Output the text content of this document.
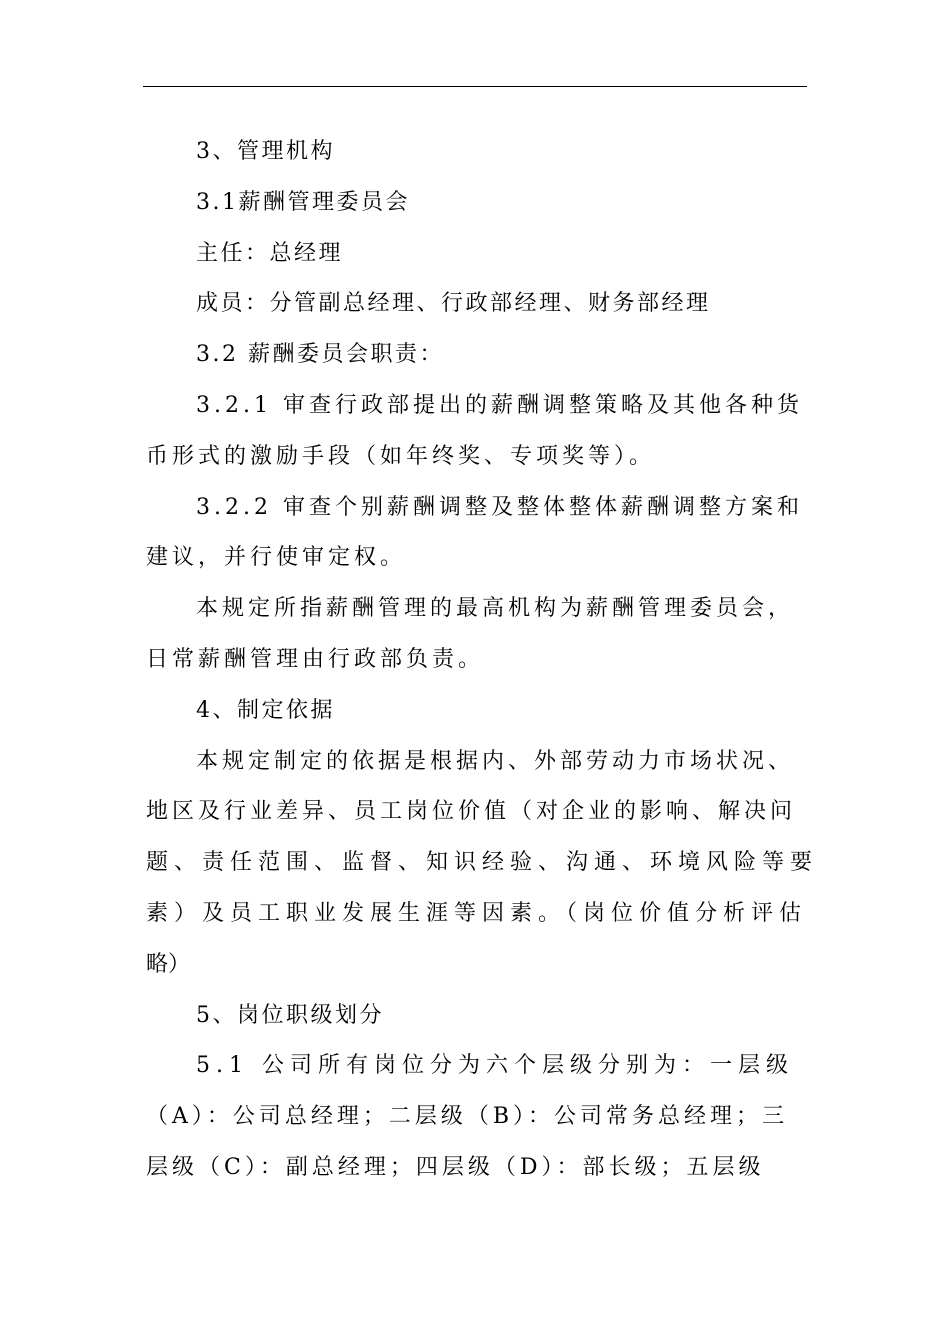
3、管理机构
3.1薪酬管理委员会
主任：总经理
成员：分管副总经理、行政部经理、财务部经理
3.2 薪酬委员会职责：
3.2.1 审查行政部提出的薪酬调整策略及其他各种货
币形式的激励手段（如年终奖、专项奖等）。
3.2.2 审查个别薪酬调整及整体整体薪酬调整方案和
建议，并行使审定权。
本规定所指薪酬管理的最高机构为薪酬管理委员会，
日常薪酬管理由行政部负责。
4、制定依据
本规定制定的依据是根据内、外部劳动力市场状况、
地区及行业差异、员工岗位价值（对企业的影响、解决问
题、责任范围、监督、知识经验、沟通、环境风险等要
素）及员工职业发展生涯等因素。（岗位价值分析评估
略）
5、岗位职级划分
5.1 公司所有岗位分为六个层级分别为：一层级
（A）：公司总经理；二层级（B）：公司常务总经理；三
层级（C）：副总经理；四层级（D）：部长级；五层级
